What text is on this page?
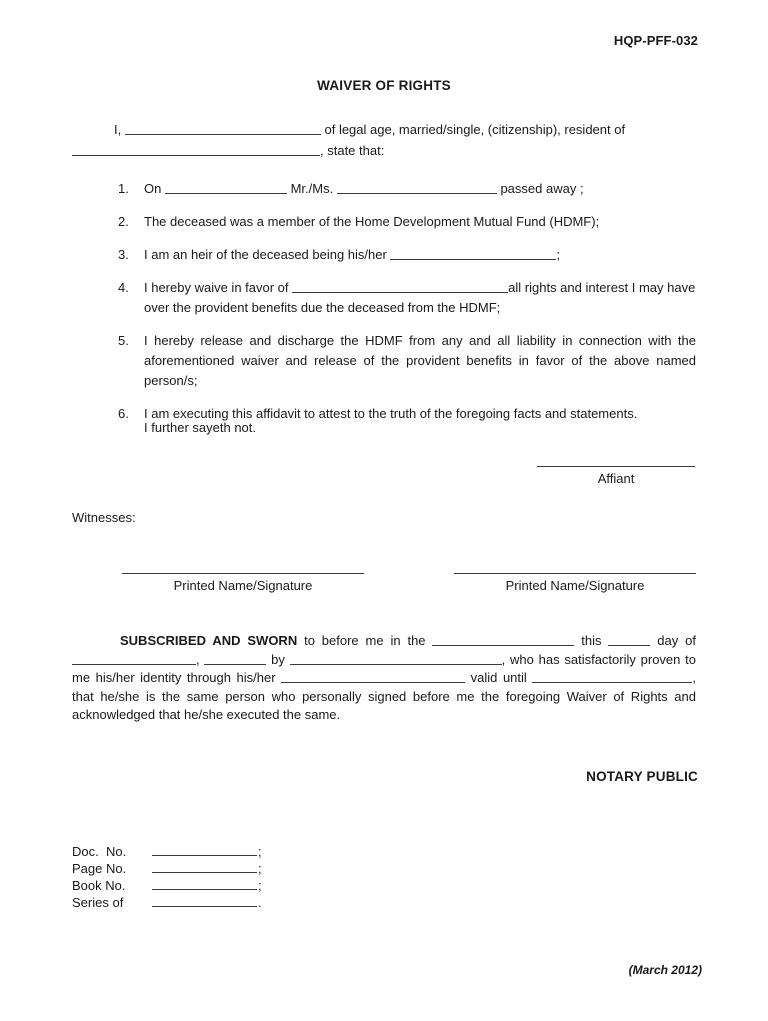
HQP-PFF-032
WAIVER OF RIGHTS
I,	of legal age, married/single, (citizenship), resident of
, state that:
1.	On	Mr./Ms.	passed away ;
2.	The deceased was a member of the Home Development Mutual Fund (HDMF);
3.	I am an heir of the deceased being his/her	;
4.	I hereby waive in favor of	all rights and interest I may have over the provident benefits due the deceased from the HDMF;
5.	I hereby release and discharge the HDMF from any and all liability in connection with the aforementioned waiver and release of the provident benefits in favor of the above named person/s;
6.	I am executing this affidavit to attest to the truth of the foregoing facts and statements.
I further sayeth not.
Affiant
Witnesses:
Printed Name/Signature	Printed Name/Signature
SUBSCRIBED AND SWORN to before me in the	this	day of ,	by	, who has satisfactorily proven to me his/her identity through his/her	valid until	, that he/she is the same person who personally signed before me the foregoing Waiver of Rights and acknowledged that he/she executed the same.
NOTARY PUBLIC
Doc.  No.	;
Page No.	;
Book No.	;
Series of	.
(March 2012)
